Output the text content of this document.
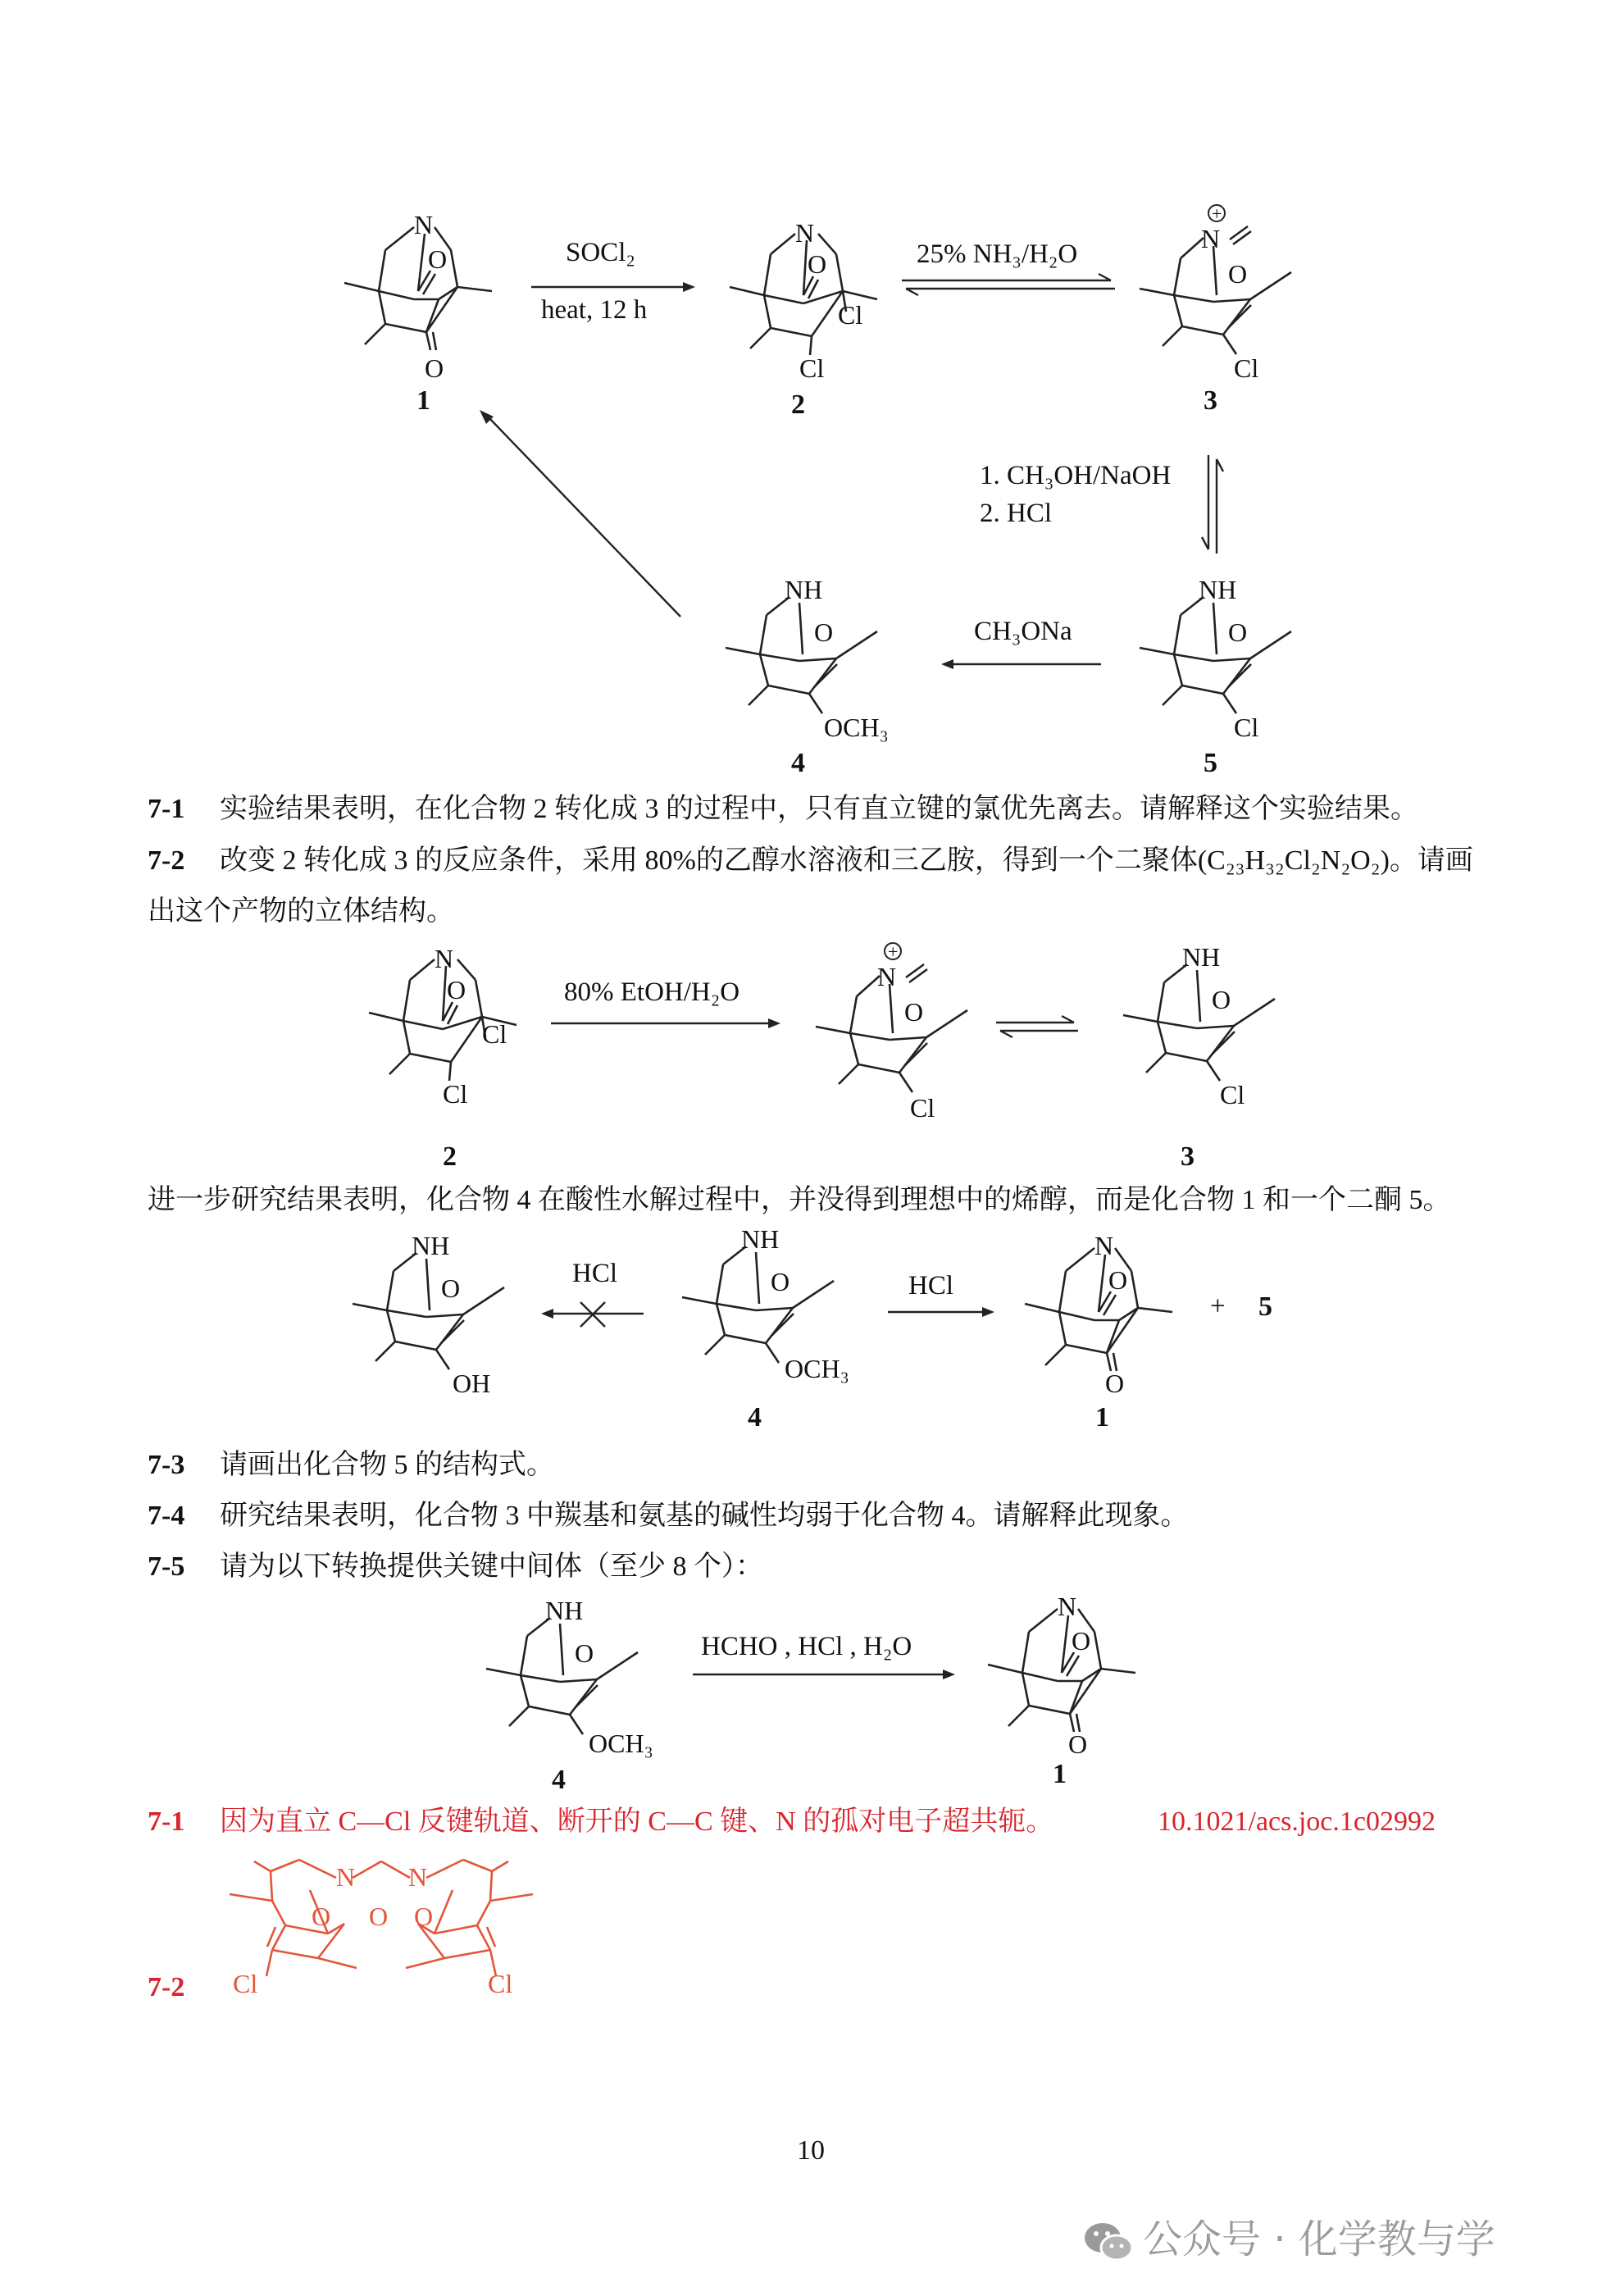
N
O
O
1
SOCl₂
heat, 12 h
N
O
Cl
Cl
2
25% NH₃/H₂O
+
N
O
Cl
3
1. CH₃OH/NaOH
2. HCl
NH
O
Cl
5
CH₃ONa
NH
O
OCH₃
4
7-1 实验结果表明，在化合物 2 转化成 3 的过程中，只有直立键的氯优先离去。请解释这个实验结果。
7-2 改变 2 转化成 3 的反应条件，采用 80%的乙醇水溶液和三乙胺，得到一个二聚体(C₂₃H₃₂Cl₂N₂O₂)。请画
出这个产物的立体结构。
N
O
Cl
Cl
2
80% EtOH/H₂O
+
N
O
Cl
NH
O
Cl
3
进一步研究结果表明，化合物 4 在酸性水解过程中，并没得到理想中的烯醇，而是化合物 1 和一个二酮 5。
NH
O
OH
HCl
NH
O
OCH₃
4
HCl
N
O
O
1
+ 5
7-3 请画出化合物 5 的结构式。
7-4 研究结果表明，化合物 3 中羰基和氨基的碱性均弱于化合物 4。请解释此现象。
7-5 请为以下转换提供关键中间体（至少 8 个）：
NH
O
OCH₃
4
HCHO , HCl , H₂O
N
O
O
1
7-1 因为直立 C—Cl 反键轨道、断开的 C—C 键、N 的孤对电子超共轭。	10.1021/acs.joc.1c02992
N N
O O O
Cl	Cl
7-2
10
公众号 · 化学教与学
